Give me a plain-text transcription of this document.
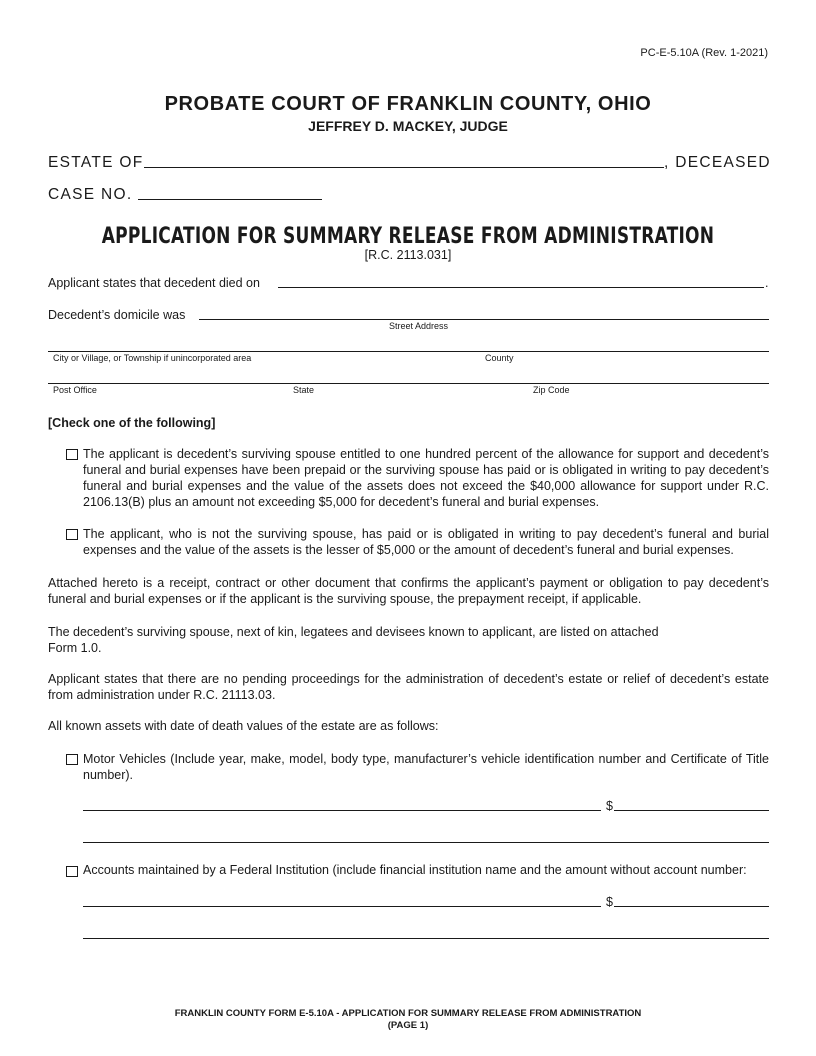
PC-E-5.10A (Rev. 1-2021)
PROBATE COURT OF FRANKLIN COUNTY, OHIO
JEFFREY D. MACKEY, JUDGE
ESTATE OF	, DECEASED
CASE NO.
APPLICATION FOR SUMMARY RELEASE FROM ADMINISTRATION
[R.C. 2113.031]
Applicant states that decedent died on	.
Decedent’s domicile was
Street Address
City or Village, or Township if unincorporated area	County
Post Office	State	Zip Code
[Check one of the following]
The applicant is decedent’s surviving spouse entitled to one hundred percent of the allowance for support and decedent’s funeral and burial expenses have been prepaid or the surviving spouse has paid or is obligated in writing to pay decedent’s funeral and burial expenses and the value of the assets does not exceed the $40,000 allowance for support under R.C. 2106.13(B) plus an amount not exceeding $5,000 for decedent’s funeral and burial expenses.
The applicant, who is not the surviving spouse, has paid or is obligated in writing to pay decedent’s funeral and burial expenses and the value of the assets is the lesser of $5,000 or the amount of decedent’s funeral and burial expenses.
Attached hereto is a receipt, contract or other document that confirms the applicant’s payment or obligation to pay decedent’s funeral and burial expenses or if the applicant is the surviving spouse, the prepayment receipt, if applicable.
The decedent’s surviving spouse, next of kin, legatees and devisees known to applicant, are listed on attached
Form 1.0.
Applicant states that there are no pending proceedings for the administration of decedent’s estate or relief of decedent’s estate from administration under R.C. 21113.03.
All known assets with date of death values of the estate are as follows:
Motor Vehicles (Include year, make, model, body type, manufacturer’s vehicle identification number and Certificate of Title number).
$
Accounts maintained by a Federal Institution (include financial institution name and the amount without account number:
$
FRANKLIN COUNTY FORM E-5.10A - APPLICATION FOR SUMMARY RELEASE FROM ADMINISTRATION
(PAGE 1)
